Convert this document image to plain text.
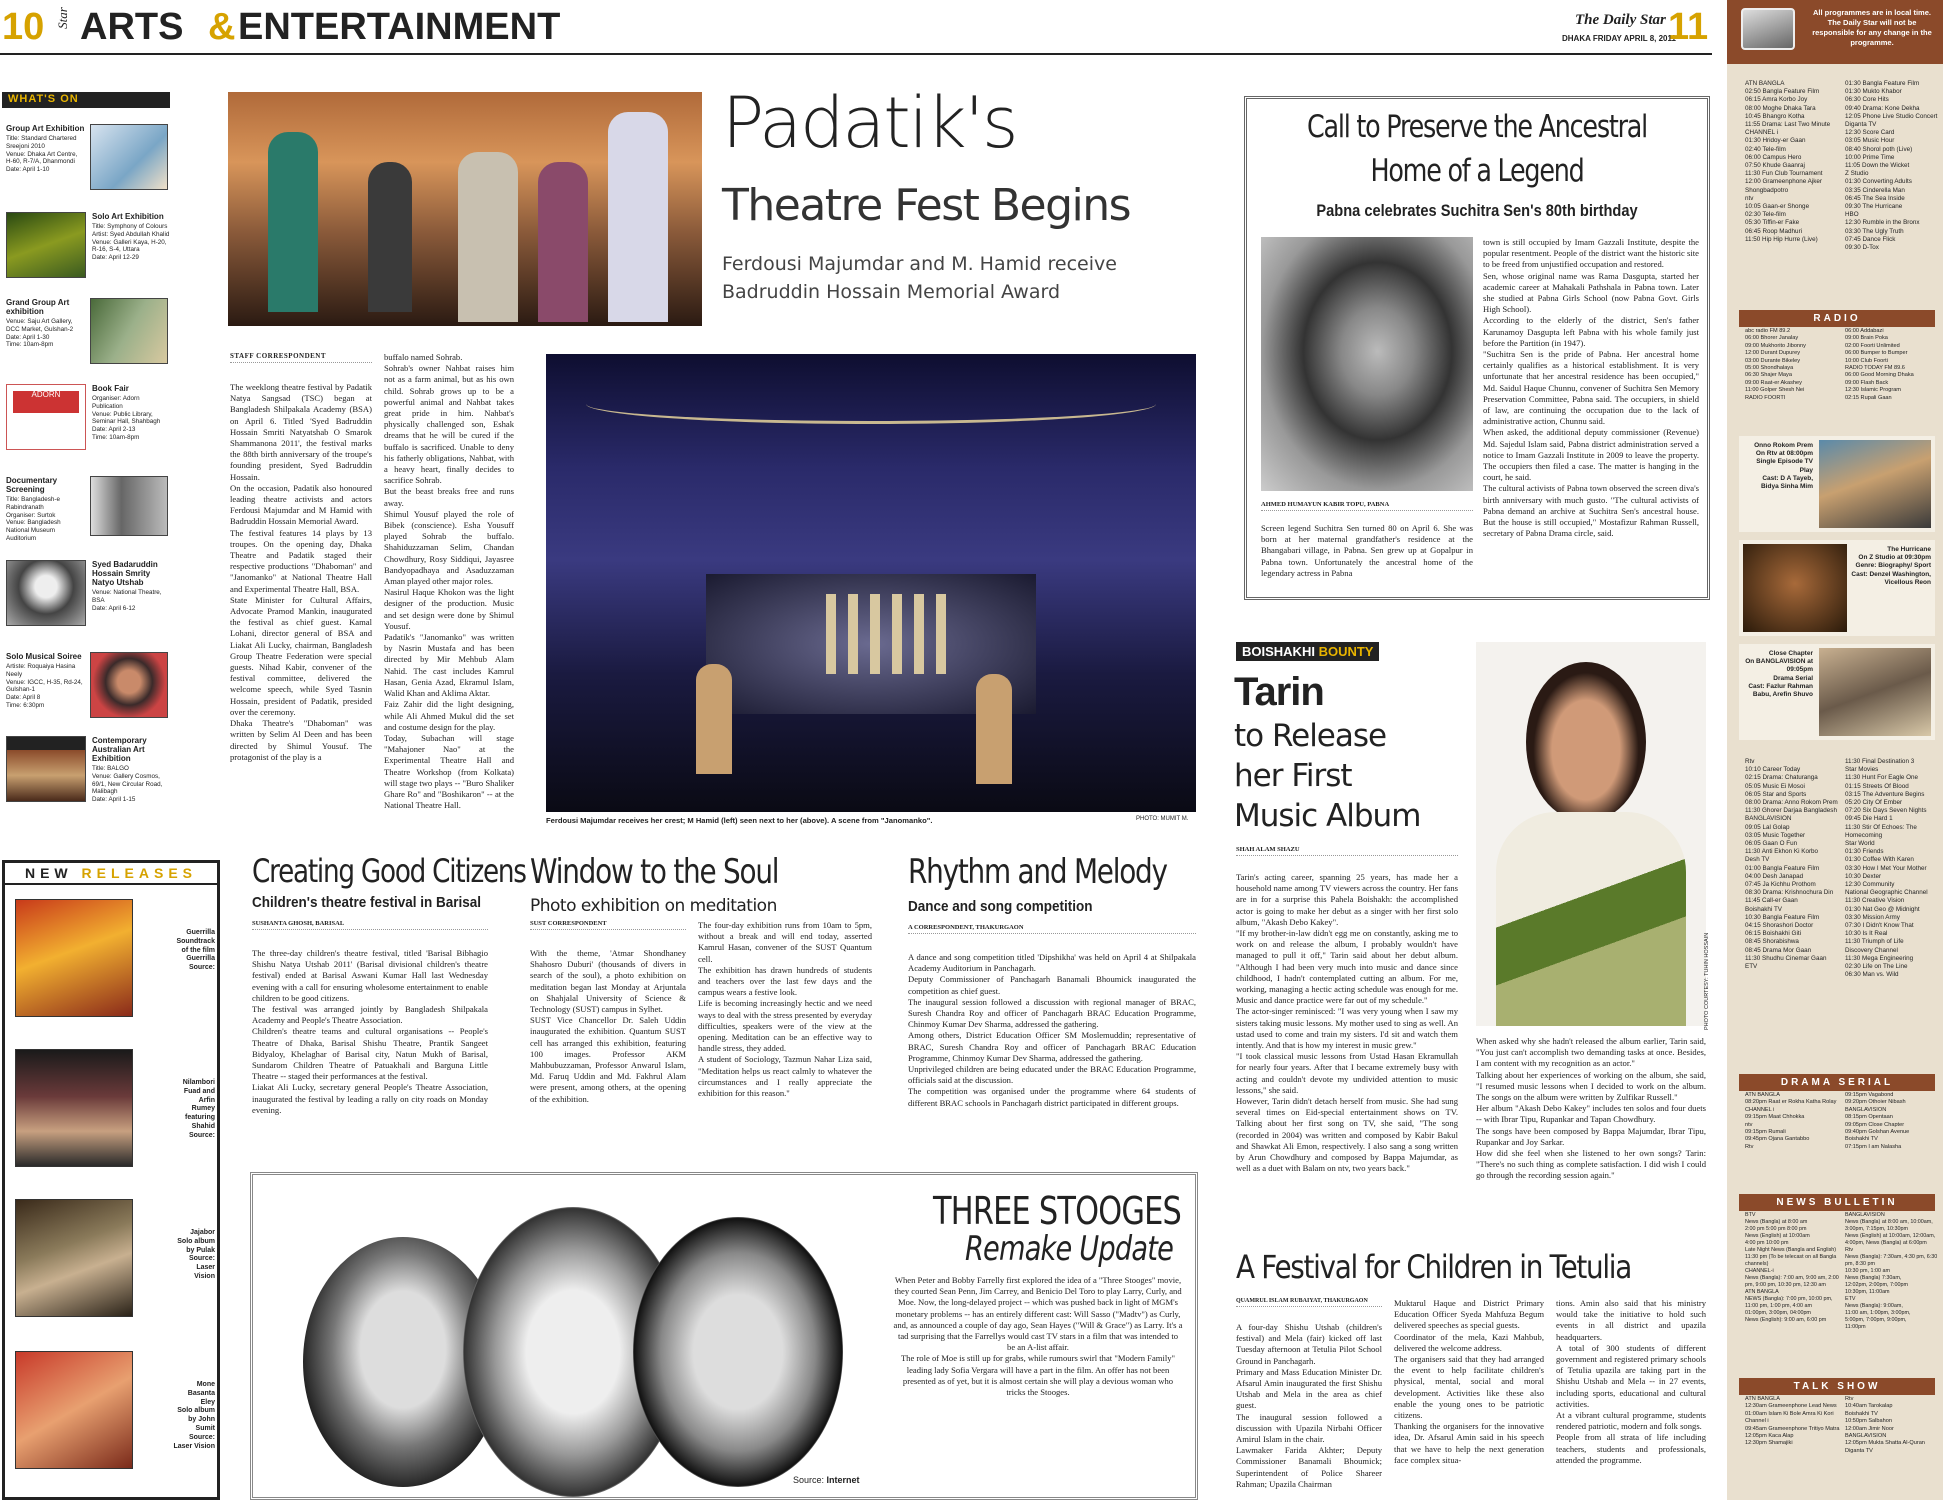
10 Star ARTS & ENTERTAINMENT	The Daily Star
DHAKA FRIDAY APRIL 8, 2011
11
WHAT'S ON
Group Art Exhibition
Title: Standard Chartered Sreejoni 2010
Venue: Dhaka Art Centre, H-60, R-7/A, Dhanmondi
Date: April 1-10
Solo Art Exhibition
Title: Symphony of Colours
Artist: Syed Abdullah Khalid
Venue: Galleri Kaya, H-20, R-16, S-4, Uttara
Date: April 12-29
Grand Group Art exhibition
Venue: Saju Art Gallery, DCC Market, Gulshan-2
Date: April 1-30
Time: 10am-8pm
ADORN
Book Fair
Organiser: Adorn Publication
Venue: Public Library, Seminar Hall, Shahbagh
Date: April 2-13
Time: 10am-8pm
Documentary Screening
Title: Bangladesh-e Rabindranath
Organiser: Surtok
Venue: Bangladesh National Museum Auditorium
Syed Badaruddin Hossain Smrity Natyo Utshab
Venue: National Theatre, BSA
Date: April 6-12
Solo Musical Soiree
Artiste: Roquaiya Hasina Neely
Venue: IGCC, H-35, Rd-24, Gulshan-1
Date: April 8
Time: 6:30pm
Contemporary Australian Art Exhibition
Title: BALGO
Venue: Gallery Cosmos, 69/1, New Circular Road, Malibagh
Date: April 1-15
NEW RELEASES
Guerrilla
Soundtrack
of the film
Guerrilla
Source:
Nilambori
Fuad and
Arfin
Rumey
featuring
Shahid
Source:
Jajabor
Solo album
by Pulak
Source:
Laser
Vision
Mone
Basanta
Eley
Solo album
by John
Sumit
Source:
Laser Vision
Padatik's
Theatre Fest Begins
Ferdousi Majumdar and M. Hamid receive Badruddin Hossain Memorial Award
STAFF CORRESPONDENT
The weeklong theatre festival by Padatik Natya Sangsad (TSC) began at Bangladesh Shilpakala Academy (BSA) on April 6. Titled 'Syed Badruddin Hossain Smriti Natyatshab O Smarok Shammanona 2011', the festival marks the 88th birth anniversary of the troupe's founding president, Syed Badruddin Hossain.
On the occasion, Padatik also honoured leading theatre activists and actors Ferdousi Majumdar and M Hamid with Badruddin Hossain Memorial Award.
The festival features 14 plays by 13 troupes. On the opening day, Dhaka Theatre and Padatik staged their respective productions "Dhaboman" and "Janomanko" at National Theatre Hall and Experimental Theatre Hall, BSA.
State Minister for Cultural Affairs, Advocate Pramod Mankin, inaugurated the festival as chief guest. Kamal Lohani, director general of BSA and Liakat Ali Lucky, chairman, Bangladesh Group Theatre Federation were special guests. Nihad Kabir, convener of the festival committee, delivered the welcome speech, while Syed Tasnin Hossain, president of Padatik, presided over the ceremony.
Dhaka Theatre's "Dhaboman" was written by Selim Al Deen and has been directed by Shimul Yousuf. The protagonist of the play is a
buffalo named Sohrab.
Sohrab's owner Nahbat raises him not as a farm animal, but as his own child. Sohrab grows up to be a powerful animal and Nahbat takes great pride in him. Nahbat's physically challenged son, Eshak dreams that he will be cured if the buffalo is sacrificed. Unable to deny his fatherly obligations, Nahbat, with a heavy heart, finally decides to sacrifice Sohrab.
But the beast breaks free and runs away.
Shimul Yousuf played the role of Bibek (conscience). Esha Yousuff played Sohrab the buffalo. Shahiduzzaman Selim, Chandan Chowdhury, Rosy Siddiqui, Jayasree Bandyopadhaya and Asaduzzaman Aman played other major roles.
Nasirul Haque Khokon was the light designer of the production. Music and set design were done by Shimul Yousuf.
Padatik's "Janomanko" was written by Nasrin Mustafa and has been directed by Mir Mehbub Alam Nahid. The cast includes Kamrul Hasan, Genia Azad, Ekramul Islam, Walid Khan and Aklima Aktar.
Faiz Zahir did the light designing, while Ali Ahmed Mukul did the set and costume design for the play.
Today, Subachan will stage "Mahajoner Nao" at the Experimental Theatre Hall and Theatre Workshop (from Kolkata) will stage two plays -- "Buro Shaliker Ghare Ro" and "Boshikaron" -- at the National Theatre Hall.
Ferdousi Majumdar receives her crest; M Hamid (left) seen next to her (above). A scene from "Janomanko".	PHOTO: MUMIT M.
Call to Preserve the Ancestral
Home of a Legend
Pabna celebrates Suchitra Sen's 80th birthday
AHMED HUMAYUN KABIR TOPU, PABNA
Screen legend Suchitra Sen turned 80 on April 6. She was born at her maternal grandfather's residence at the Bhangabari village, in Pabna. Sen grew up at Gopalpur in Pabna town. Unfortunately the ancestral home of the legendary actress in Pabna
town is still occupied by Imam Gazzali Institute, despite the popular resentment. People of the district want the historic site to be freed from unjustified occupation and restored.
Sen, whose original name was Rama Dasgupta, started her academic career at Mahakali Pathshala in Pabna town. Later she studied at Pabna Girls School (now Pabna Govt. Girls High School).
According to the elderly of the district, Sen's father Karunamoy Dasgupta left Pabna with his whole family just before the Partition (in 1947).
"Suchitra Sen is the pride of Pabna. Her ancestral home certainly qualifies as a historical establishment. It is very unfortunate that her ancestral residence has been occupied," Md. Saidul Haque Chunnu, convener of Suchitra Sen Memory Preservation Committee, Pabna said. The occupiers, in shield of law, are continuing the occupation due to the lack of administrative action, Chunnu said.
When asked, the additional deputy commissioner (Revenue) Md. Sajedul Islam said, Pabna district administration served a notice to Imam Gazzali Institute in 2009 to leave the property. The occupiers then filed a case. The matter is hanging in the court, he said.
The cultural activists of Pabna town observed the screen diva's birth anniversary with much gusto. "The cultural activists of Pabna demand an archive at Suchitra Sen's ancestral house. But the house is still occupied," Mostafizur Rahman Russell, secretary of Pabna Drama circle, said.
BOISHAKHI BOUNTY
Tarin
to Release
her First
Music Album
SHAH ALAM SHAZU
Tarin's acting career, spanning 25 years, has made her a household name among TV viewers across the country. Her fans are in for a surprise this Pahela Boishakh: the accomplished actor is going to make her debut as a singer with her first solo album, "Akash Debo Kakey".
"If my brother-in-law didn't egg me on constantly, asking me to work on and release the album, I probably wouldn't have managed to pull it off," Tarin said about her debut album. "Although I had been very much into music and dance since childhood, I hadn't contemplated cutting an album. For me, working, managing a hectic acting schedule was enough for me. Music and dance practice were far out of my schedule."
The actor-singer reminisced: "I was very young when I saw my sisters taking music lessons. My mother used to sing as well. An ustad used to come and train my sisters. I'd sit and watch them intently. And that is how my interest in music grew."
"I took classical music lessons from Ustad Hasan Ekramullah for nearly four years. After that I became extremely busy with acting and couldn't devote my undivided attention to music lessons," she said.
However, Tarin didn't detach herself from music. She had sung several times on Eid-special entertainment shows on TV. Talking about her first song on TV, she said, "The song (recorded in 2004) was written and composed by Kabir Bakul and Shawkat Ali Emon, respectively. I also sang a song written by Arun Chowdhury and composed by Bappa Majumdar, as well as a duet with Balam on ntv, two years back."
PHOTO COURTESY: TUHIN HOSSAIN
When asked why she hadn't released the album earlier, Tarin said, "You just can't accomplish two demanding tasks at once. Besides, I am content with my recognition as an actor."
Talking about her experiences of working on the album, she said, "I resumed music lessons when I decided to work on the album. The songs on the album were written by Zulfikar Russell."
Her album "Akash Debo Kakey" includes ten solos and four duets -- with Ibrar Tipu, Rupankar and Tapan Chowdhury.
The songs have been composed by Bappa Majumdar, Ibrar Tipu, Rupankar and Joy Sarkar.
How did she feel when she listened to her own songs? Tarin: "There's no such thing as complete satisfaction. I did wish I could go through the recording session again."
Creating Good Citizens
Children's theatre festival in Barisal
SUSHANTA GHOSH, BARISAL
The three-day children's theatre festival, titled 'Barisal Bibhagio Shishu Natya Utshab 2011' (Barisal divisional children's theatre festival) ended at Barisal Aswani Kumar Hall last Wednesday evening with a call for ensuring wholesome entertainment to enable children to be good citizens.
The festival was arranged jointly by Bangladesh Shilpakala Academy and People's Theatre Association.
Children's theatre teams and cultural organisations -- People's Theatre of Dhaka, Barisal Shishu Theatre, Prantik Sangeet Bidyaloy, Khelaghar of Barisal city, Natun Mukh of Barisal, Sundarom Children Theatre of Patuakhali and Barguna Little Theatre -- staged their performances at the festival.
Liakat Ali Lucky, secretary general People's Theatre Association, inaugurated the festival by leading a rally on city roads on Monday evening.
Window to the Soul
Photo exhibition on meditation
SUST CORRESPONDENT
With the theme, 'Atmar Shondhaney Shahosro Duburi' (thousands of divers in search of the soul), a photo exhibition on meditation began last Monday at Arjuntala on Shahjalal University of Science & Technology (SUST) campus in Sylhet.
SUST Vice Chancellor Dr. Saleh Uddin inaugurated the exhibition. Quantum SUST cell has arranged this exhibition, featuring 100 images. Professor AKM Mahbubuzzaman, Professor Anwarul Islam, Md. Faruq Uddin and Md. Fakhrul Alam were present, among others, at the opening of the exhibition.
The four-day exhibition runs from 10am to 5pm, without a break and will end today, asserted Kamrul Hasan, convener of the SUST Quantum cell.
The exhibition has drawn hundreds of students and teachers over the last few days and the campus wears a festive look.
Life is becoming increasingly hectic and we need ways to deal with the stress presented by everyday difficulties, speakers were of the view at the opening. Meditation can be an effective way to handle stress, they added.
A student of Sociology, Tazmun Nahar Liza said, "Meditation helps us react calmly to whatever the circumstances and I really appreciate the exhibition for this reason."
Rhythm and Melody
Dance and song competition
A CORRESPONDENT, THAKURGAON
A dance and song competition titled 'Dipshikha' was held on April 4 at Shilpakala Academy Auditorium in Panchagarh.
Deputy Commissioner of Panchagarh Banamali Bhoumick inaugurated the competition as chief guest.
The inaugural session followed a discussion with regional manager of BRAC, Suresh Chandra Roy and officer of Panchagarh BRAC Education Programme, Chinmoy Kumar Dev Sharma, addressed the gathering.
Among others, District Education Officer SM Moslemuddin; representative of BRAC, Suresh Chandra Roy and officer of Panchagarh BRAC Education Programme, Chinmoy Kumar Dev Sharma, addressed the gathering.
Unprivileged children are being educated under the BRAC Education Programme, officials said at the discussion.
The competition was organised under the programme where 64 students of different BRAC schools in Panchagarh district participated in different groups.
THREE STOOGES
Remake Update
When Peter and Bobby Farrelly first explored the idea of a "Three Stooges" movie, they courted Sean Penn, Jim Carrey, and Benicio Del Toro to play Larry, Curly, and Moe. Now, the long-delayed project -- which was pushed back in light of MGM's monetary problems -- has an entirely different cast: Will Sasso ("Madtv") as Curly, and, as announced a couple of day ago, Sean Hayes ("Will & Grace") as Larry. It's a tad surprising that the Farrellys would cast TV stars in a film that was intended to be an A-list affair.
The role of Moe is still up for grabs, while rumours swirl that "Modern Family" leading lady Sofia Vergara will have a part in the film. An offer has not been presented as of yet, but it is almost certain she will play a devious woman who tricks the Stooges.
Source: Internet
A Festival for Children in Tetulia
QUAMRUL ISLAM RUBAIYAT, THAKURGAON
A four-day Shishu Utshab (children's festival) and Mela (fair) kicked off last Tuesday afternoon at Tetulia Pilot School Ground in Panchagarh.
Primary and Mass Education Minister Dr. Afsarul Amin inaugurated the first Shishu Utshab and Mela in the area as chief guest.
The inaugural session followed a discussion with Upazila Nirbahi Officer Amirul Islam in the chair.
Lawmaker Farida Akhter; Deputy Commissioner Banamali Bhoumick; Superintendent of Police Shareer Rahman; Upazila Chairman
Muktarul Haque and District Primary Education Officer Syeda Mahfuza Begum delivered speeches as special guests.
Coordinator of the mela, Kazi Mahbub, delivered the welcome address.
The organisers said that they had arranged the event to help facilitate children's physical, mental, social and moral development. Activities like these also enable the young ones to be patriotic citizens.
Thanking the organisers for the innovative idea, Dr. Afsarul Amin said in his speech that we have to help the next generation face complex situa-
tions. Amin also said that his ministry would take the initiative to hold such events in all district and upazila headquarters.
A total of 300 students of different government and registered primary schools of Tetulia upazila are taking part in the Shishu Utshab and Mela -- in 27 events, including sports, educational and cultural activities.
At a vibrant cultural programme, students rendered patriotic, modern and folk songs.
People from all strata of life including teachers, students and professionals, attended the programme.
All programmes are in local time. The Daily Star will not be responsible for any change in the programme.
ATN BANGLA
02:50 Bangla Feature Film
06:15 Amra Korbo Joy
08:00 Moghe Dhaka Tara
10:45 Bhangro Kotha
11:55 Drama: Last Two Minute
CHANNEL i
01:30 Hridoy-er Gaan
02:40 Tele-film
06:00 Campus Hero
07:50 Khude Gaanraj
11:30 Fun Club Tournament
12:00 Grameenphone Ajker Shongbadpotro
ntv
10:05 Gaan-er Shonge
02:30 Tele-film
05:30 Tiffin-er Fake
06:45 Roop Madhuri
11:50 Hip Hip Hurre (Live)
01:30 Bangla Feature Film
01:30 Mukto Khabor
06:30 Core Hits
09:40 Drama: Kone Dekha
12:05 Phone Live Studio Concert
Diganta TV
12:30 Score Card
03:05 Music Hour
08:40 Shorol poth (Live)
10:00 Prime Time
11:05 Down the Wicket
Z Studio
01:30 Converting Adults
03:35 Cinderella Man
06:45 The Sea Inside
09:30 The Hurricane
HBO
12:30 Rumble in the Bronx
03:30 The Ugly Truth
07:45 Dance Flick
09:30 D-Tox
RADIO
abc radio FM 89.2
06:00 Bhorer Janalay
09:00 Mukhorito Jibonny
12:00 Durant Dupurey
03:00 Durante Bikeley
05:00 Shondhalaya
06:30 Shajer Maya
09:00 Raat-er Akashey
11:00 Golper Shesh Nei
RADIO FOORTI
06:00 Addabazi
09:00 Brain Poka
02:00 Foorti Unlimited
06:00 Bumper to Bumper
10:00 Club Foorti
RADIO TODAY FM 89.6
06:00 Good Morning Dhaka
09:00 Flash Back
12:30 Islamic Program
02:15 Rupali Gaan
Onno Rokom Prem
On Rtv at 08:00pm
Single Episode TV Play
Cast: D A Tayeb, Bidya Sinha Mim
The Hurricane
On Z Studio at 09:30pm
Genre: Biography/ Sport
Cast: Denzel Washington, Vicellous Reon
Close Chapter
On BANGLAVISION at 09:05pm
Drama Serial
Cast: Fazlur Rahman Babu, Arefin Shuvo
Rtv
10:10 Career Today
02:15 Drama: Chaturanga
05:05 Music Ei Mosoi
06:05 Star and Sports
08:00 Drama: Anno Rokom Prem
11:30 Ghorer Darjaa Bangladesh
BANGLAVISION
09:05 Lal Golap
03:05 Music Together
06:05 Gaan O Fun
11:30 Anti Ekhon Ki Korbo
Desh TV
01:00 Bangla Feature Film
04:00 Desh Janapad
07:45 Ja Kichhu Prothom
08:30 Drama: Krishnochura Din
11:45 Call-er Gaan
Boishakhi TV
10:30 Bangla Feature Film
04:15 Shorashori Doctor
06:15 Boishakhi Giti
08:45 Shorabishwa
08:45 Drama Mor Gaan
11:30 Shudhu Cinemar Gaan
ETV
11:30 Final Destination 3
Star Movies
11:30 Hunt For Eagle One
01:15 Streets Of Blood
03:15 The Adventure Begins
05:20 City Of Ember
07:20 Six Days Seven Nights
09:45 Die Hard 1
11:30 Stir Of Echoes: The Homecoming
Star World
01:30 Friends
01:30 Coffee With Karen
03:30 How I Met Your Mother
10:30 Dexter
12:30 Community
National Geographic Channel
11:30 Creative Vision
01:30 Nat Geo @ Midnight
03:30 Mission Army
07:30 I Didn't Know That
10:30 Is It Real
11:30 Triumph of Life
Discovery Channel
11:30 Mega Engineering
02:30 Life on The Line
06:30 Man vs. Wild
DRAMA SERIAL
ATN BANGLA
08:20pm Raat er Rokha Katha Rolay
CHANNEL i
09:15pm Maat Chhokka
ntv
09:15pm Rumali
09:45pm Ojana Gantabbo
Rtv
09:15pm Vagabond
09:20pm Othoier Nibash
BANGLAVISION
08:15pm Opentaan
09:05pm Close Chapter
09:40pm Golshan Avenue
Boishakhi TV
07:15pm I am Nalasha
NEWS BULLETIN
BTV
News (Bangla) at 8:00 am
2:00 pm 5:00 pm 8:00 pm
News (English) at 10:00am
4:00 pm 10:00 pm
Late Night News (Bangla and English) 11:30 pm (To be telecast on all Bangla channels)
CHANNEL-i
News (Bangla): 7:00 am, 9:00 am, 2:00 pm, 9:00 pm, 10:30 pm, 12:30 am
ATN BANGLA
NEWS (Bangla): 7:00 pm, 10:00 pm, 11:00 pm, 1:00 pm, 4:00 am
01:00pm, 3:00pm, 04:00pm
News (English): 9:00 am, 6:00 pm
BANGLAVISION
News (Bangla) at 8:00 am, 10:00am, 3:00pm, 7:15pm, 10:30pm
News (English) at 10:00am, 12:00am, 4:00pm, News (Bangla) at 6:00pm
Rtv
News (Bangla): 7:30am, 4:30 pm, 6:30 pm, 8:30 pm
10:30 pm, 1:00 am
News (Bangla) 7:30am,
12:02pm, 2:00pm, 7:00pm
10:30pm, 11:00am
ETV
News (Bangla): 9:00am,
11:00 am, 1:00pm, 3:00pm,
5:00pm, 7:00pm, 9:00pm,
11:00pm
TALK SHOW
ATN BANGLA
12:30am Grameenphone Lead News
01:00am Islam Ki Bole Amra Ki Kori
Channel i
09:45am Grameenphone Tritiyo Matra
12:05pm Kaca Alap
12:30pm Shamajiki
Rtv
10:40am Tarokalap
Boishakhi TV
10:50pm Salbahon
12:00am Jimir Noor
BANGLAVISION
12:05pm Mukta Shatta Al-Quran
Diganta TV
